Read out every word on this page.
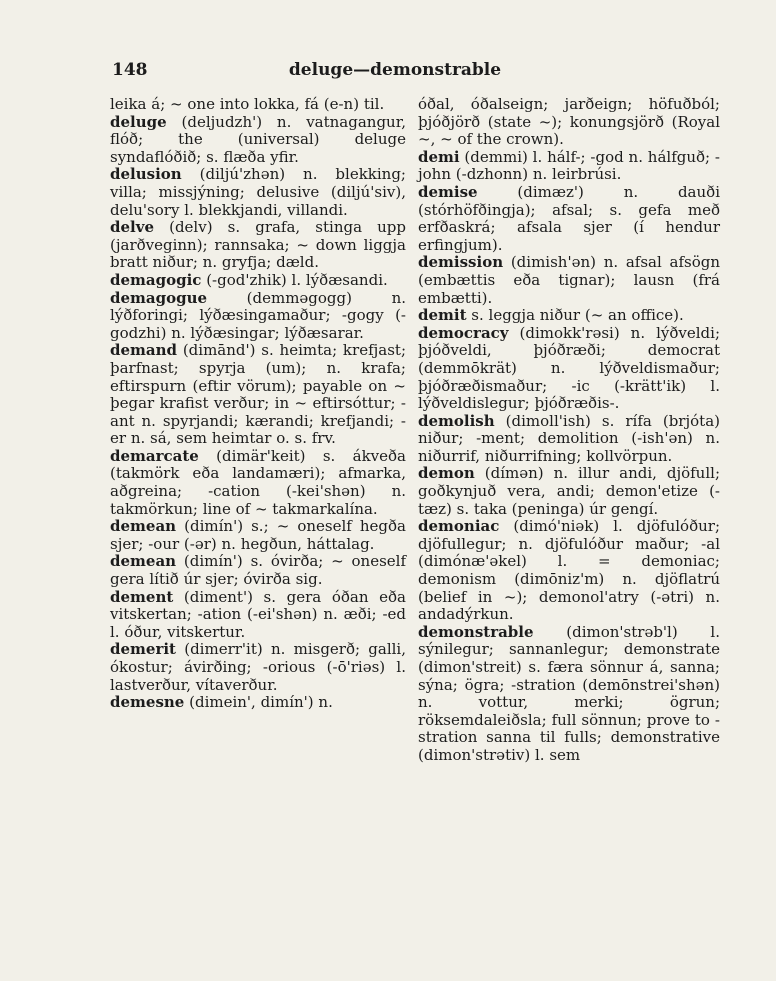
148	deluge—demonstrable

leika á; ~ one into lokka, fá (e-n) til.

deluge (deljudzh') n. vatnagangur, flóð; the (universal) deluge syndaflóðið; s. flæða yfir.

delusion (diljú'zhən) n. blekking; villa; missjýning; delusive (diljú'siv), delu'sory l. blekkjandi, villandi.

delve (delv) s. grafa, stinga upp (jarðveginn); rannsaka; ~ down liggja bratt niður; n. gryfja; dæld.

demagogic (-god'zhik) l. lýðæsandi.

demagogue (demməgogg) n. lýðforingi; lýðæsingamaður; -gogy (-godzhi) n. lýðæsingar; lýðæsarar.

demand (dimānd') s. heimta; krefjast; þarfnast; spyrja (um); n. krafa; eftirspurn (eftir vörum); payable on ~ þegar krafist verður; in ~ eftirsóttur; -ant n. spyrjandi; kærandi; krefjandi; -er n. sá, sem heimtar o. s. frv.

demarcate (dimär'keit) s. ákveða (takmörk eða landamæri); afmarka, aðgreina; -cation (-kei'shən) n. takmörkun; line of ~ takmarkalína.

demean (dimín') s.; ~ oneself hegða sjer; -our (-ər) n. hegðun, háttalag.

demean (dimín') s. óvirða; ~ oneself gera lítið úr sjer; óvirða sig.

dement (diment') s. gera óðan eða vitskertan; -ation (-ei'shən) n. æði; -ed l. óður, vitskertur.

demerit (dimerr'it) n. misgerð; galli, ókostur; ávirðing; -orious (-ō'riəs) l. lastverður, vítaverður.

demesne (dimein', dimín') n.

óðal, óðalseign; jarðeign; höfuðból; þjóðjörð (state ~); konungsjörð (Royal ~, ~ of the crown).

demi (demmi) l. hálf-; -god n. hálfguð; -john (-dzhonn) n. leirbrúsi.

demise (dimæz') n. dauði (stórhöfðingja); afsal; s. gefa með erfðaskrá; afsala sjer (í hendur erfingjum).

demission (dimish'ən) n. afsal afsögn (embættis eða tignar); lausn (frá embætti).

demit s. leggja niður (~ an office).

democracy (dimokk'rəsi) n. lýðveldi; þjóðveldi, þjóðræði; democrat (demmōkrät) n. lýðveldismaður; þjóðræðismaður; -ic (-krätt'ik) l. lýðveldislegur; þjóðræðis-.

demolish (dimoll'ish) s. rífa (brjóta) niður; -ment; demolition (-ish'ən) n. niðurrif, niðurrifning; kollvörpun.

demon (dímən) n. illur andi, djöfull; goðkynjuð vera, andi; demon'etize (-tæz) s. taka (peninga) úr gengí.

demoniac (dimó'niək) l. djöfulóður; djöfullegur; n. djöfulóður maður; -al (dimónæ'əkel) l. = demoniac; demonism (dimōniz'm) n. djöflatrú (belief in ~); demonol'atry (-ətri) n. andadýrkun.

demonstrable (dimon'strəb'l) l. sýnilegur; sannanlegur; demonstrate (dimon'streit) s. færa sönnur á, sanna; sýna; ögra; -stration (demōnstrei'shən) n. vottur, merki; ögrun; röksemdaleiðsla; full sönnun; prove to -stration sanna til fulls; demonstrative (dimon'strətiv) l. sem
